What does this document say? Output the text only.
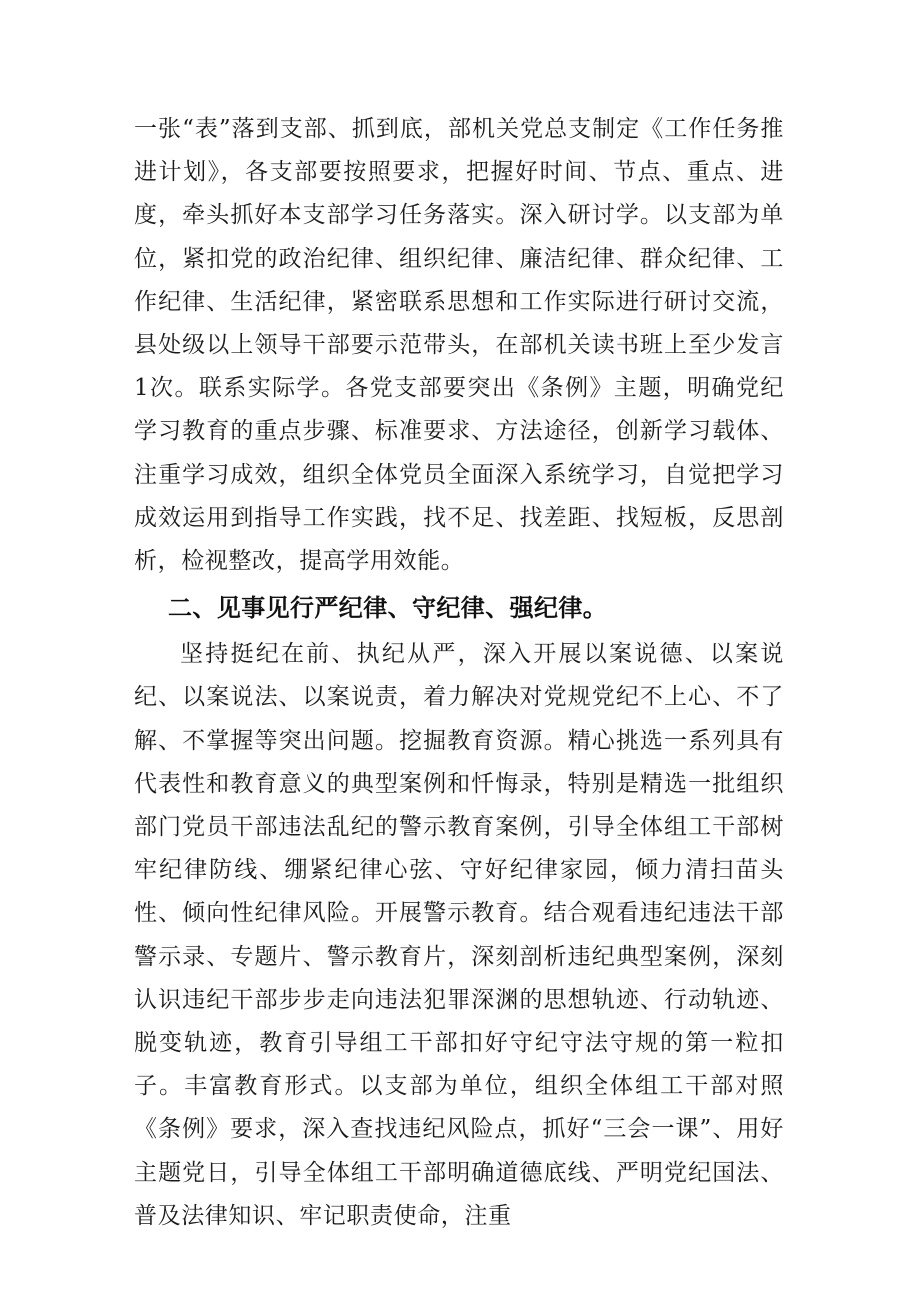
一张“表”落到支部、抓到底，部机关党总支制定《工作任务推进计划》，各支部要按照要求，把握好时间、节点、重点、进度，牵头抓好本支部学习任务落实。深入研讨学。以支部为单位，紧扣党的政治纪律、组织纪律、廉洁纪律、群众纪律、工作纪律、生活纪律，紧密联系思想和工作实际进行研讨交流，县处级以上领导干部要示范带头，在部机关读书班上至少发言1次。联系实际学。各党支部要突出《条例》主题，明确党纪学习教育的重点步骤、标准要求、方法途径，创新学习载体、注重学习成效，组织全体党员全面深入系统学习，自觉把学习成效运用到指导工作实践，找不足、找差距、找短板，反思剖析，检视整改，提高学用效能。

二、见事见行严纪律、守纪律、强纪律。

坚持挺纪在前、执纪从严，深入开展以案说德、以案说纪、以案说法、以案说责，着力解决对党规党纪不上心、不了解、不掌握等突出问题。挖掘教育资源。精心挑选一系列具有代表性和教育意义的典型案例和忏悔录，特别是精选一批组织部门党员干部违法乱纪的警示教育案例，引导全体组工干部树牢纪律防线、绷紧纪律心弦、守好纪律家园，倾力清扫苗头性、倾向性纪律风险。开展警示教育。结合观看违纪违法干部警示录、专题片、警示教育片，深刻剖析违纪典型案例，深刻认识违纪干部步步走向违法犯罪深渊的思想轨迹、行动轨迹、脱变轨迹，教育引导组工干部扣好守纪守法守规的第一粒扣子。丰富教育形式。以支部为单位，组织全体组工干部对照《条例》要求，深入查找违纪风险点，抓好“三会一课”、用好主题党日，引导全体组工干部明确道德底线、严明党纪国法、普及法律知识、牢记职责使命，注重
